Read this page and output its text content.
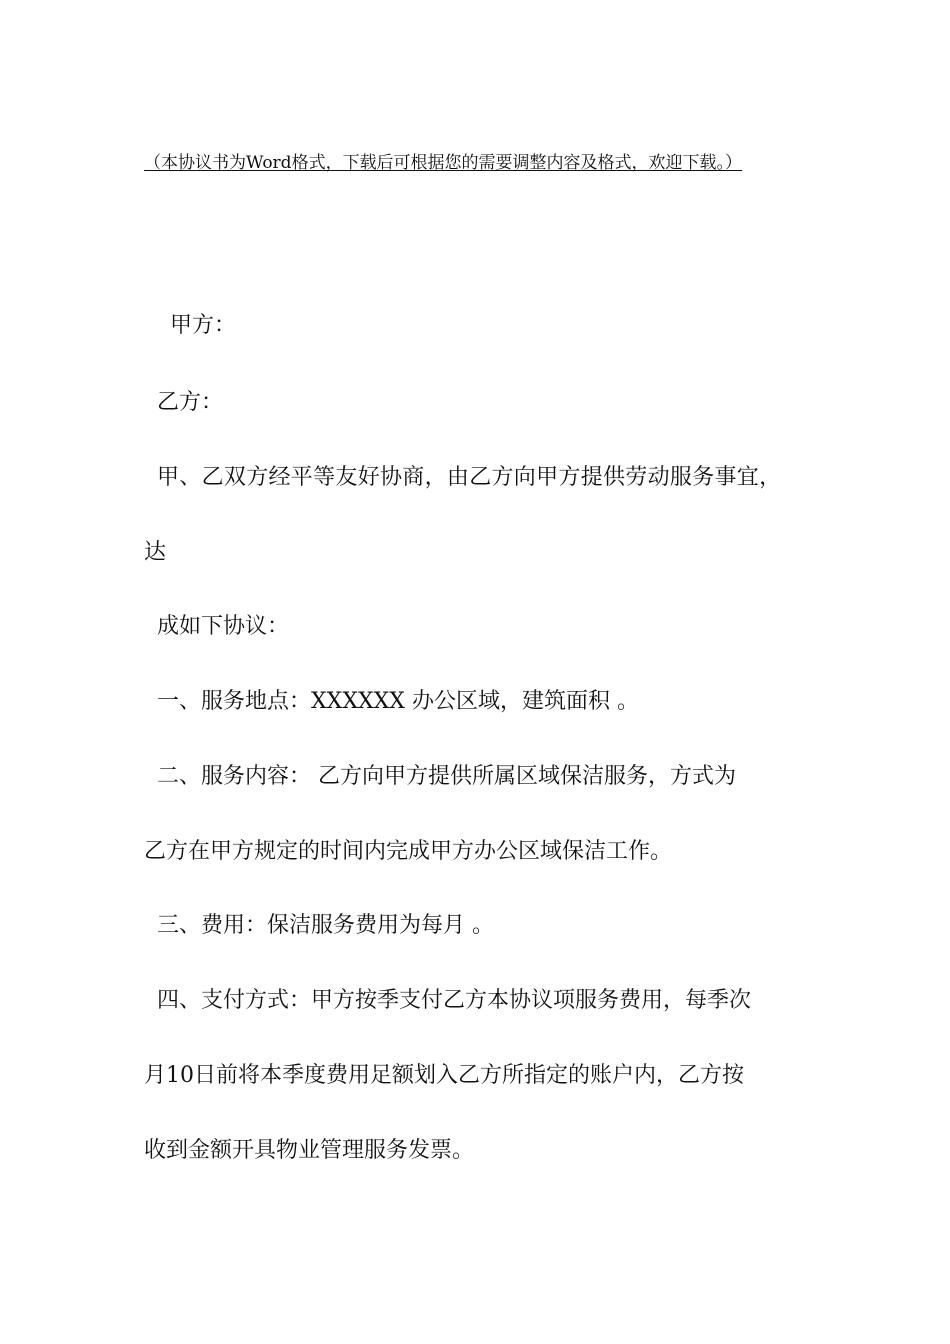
（本协议书为Word格式，下载后可根据您的需要调整内容及格式，欢迎下载。）
甲方：
乙方：
甲、乙双方经平等友好协商，由乙方向甲方提供劳动服务事宜，
达
成如下协议：
一、服务地点：XXXXXX 办公区域，建筑面积 。
二、服务内容： 乙方向甲方提供所属区域保洁服务，方式为
乙方在甲方规定的时间内完成甲方办公区域保洁工作。
三、费用：保洁服务费用为每月 。
四、支付方式：甲方按季支付乙方本协议项服务费用，每季次
月10日前将本季度费用足额划入乙方所指定的账户内，乙方按
收到金额开具物业管理服务发票。
